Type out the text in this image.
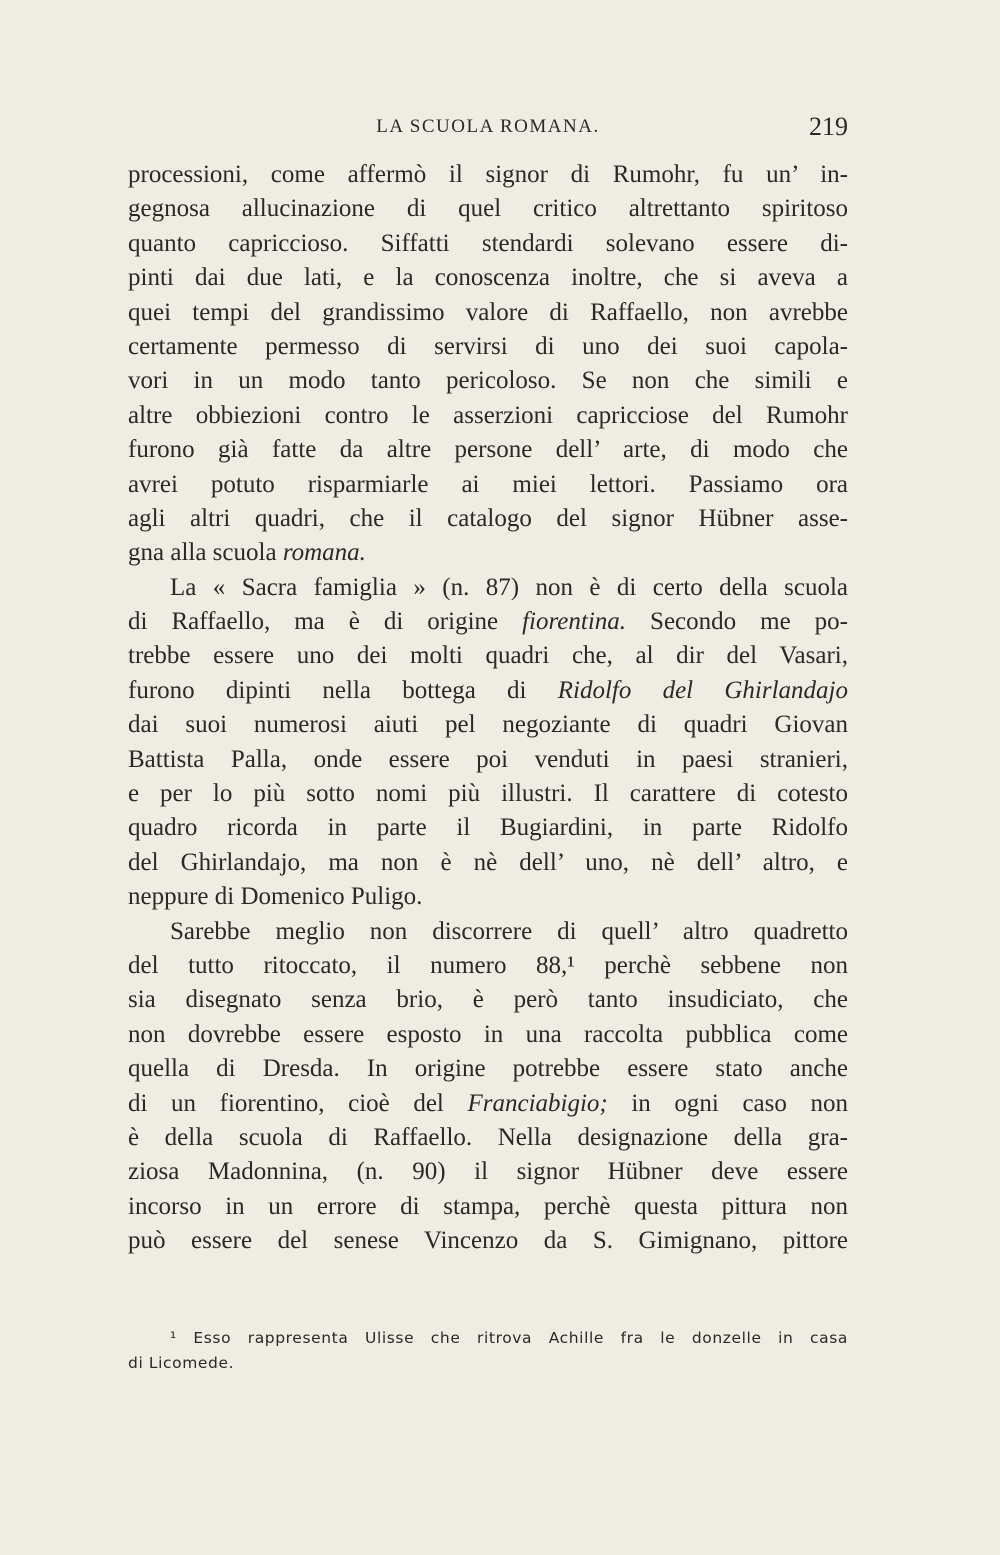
LA SCUOLA ROMANA.	219
processioni, come affermò il signor di Rumohr, fu un’ in-
gegnosa allucinazione di quel critico altrettanto spiritoso
quanto capriccioso. Siffatti stendardi solevano essere di-
pinti dai due lati, e la conoscenza inoltre, che si aveva a
quei tempi del grandissimo valore di Raffaello, non avrebbe
certamente permesso di servirsi di uno dei suoi capola-
vori in un modo tanto pericoloso. Se non che simili e
altre obbiezioni contro le asserzioni capricciose del Rumohr
furono già fatte da altre persone dell’ arte, di modo che
avrei potuto risparmiarle ai miei lettori. Passiamo ora
agli altri quadri, che il catalogo del signor Hübner asse-
gna alla scuola romana.
La « Sacra famiglia » (n. 87) non è di certo della scuola
di Raffaello, ma è di origine fiorentina. Secondo me po-
trebbe essere uno dei molti quadri che, al dir del Vasari,
furono dipinti nella bottega di Ridolfo del Ghirlandajo
dai suoi numerosi aiuti pel negoziante di quadri Giovan
Battista Palla, onde essere poi venduti in paesi stranieri,
e per lo più sotto nomi più illustri. Il carattere di cotesto
quadro ricorda in parte il Bugiardini, in parte Ridolfo
del Ghirlandajo, ma non è nè dell’ uno, nè dell’ altro, e
neppure di Domenico Puligo.
Sarebbe meglio non discorrere di quell’ altro quadretto
del tutto ritoccato, il numero 88,¹ perchè sebbene non
sia disegnato senza brio, è però tanto insudiciato, che
non dovrebbe essere esposto in una raccolta pubblica come
quella di Dresda. In origine potrebbe essere stato anche
di un fiorentino, cioè del Franciabigio; in ogni caso non
è della scuola di Raffaello. Nella designazione della gra-
ziosa Madonnina, (n. 90) il signor Hübner deve essere
incorso in un errore di stampa, perchè questa pittura non
può essere del senese Vincenzo da S. Gimignano, pittore
¹ Esso rappresenta Ulisse che ritrova Achille fra le donzelle in casa
di Licomede.
